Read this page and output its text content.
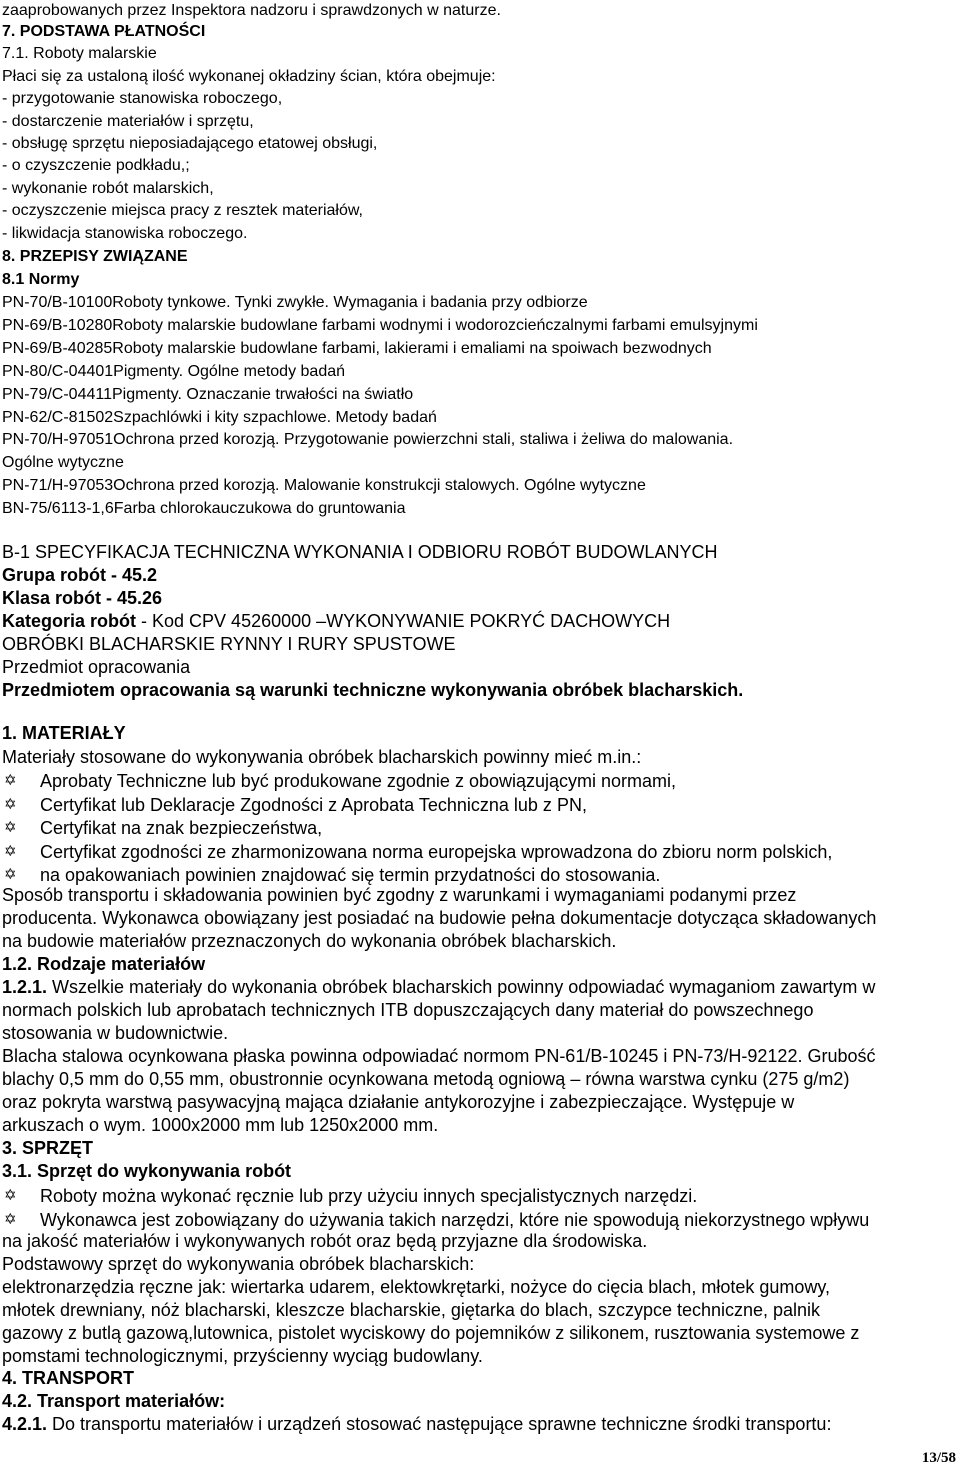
zaaprobowanych przez Inspektora nadzoru i sprawdzonych w naturze.
7. PODSTAWA PŁATNOŚCI
7.1. Roboty malarskie
Płaci się za ustaloną ilość wykonanej okładziny ścian, która obejmuje:
- przygotowanie stanowiska roboczego,
- dostarczenie materiałów i sprzętu,
- obsługę sprzętu nieposiadającego etatowej obsługi,
- o czyszczenie podkładu,;
- wykonanie robót malarskich,
- oczyszczenie miejsca pracy z resztek materiałów,
- likwidacja stanowiska roboczego.
8. PRZEPISY ZWIĄZANE
8.1 Normy
PN-70/B-10100Roboty tynkowe. Tynki zwykłe. Wymagania i badania przy odbiorze
PN-69/B-10280Roboty malarskie budowlane farbami wodnymi i wodorozcieńczalnymi farbami emulsyjnymi
PN-69/B-40285Roboty malarskie budowlane farbami, lakierami i emaliami na spoiwach bezwodnych
PN-80/C-04401Pigmenty. Ogólne metody badań
PN-79/C-04411Pigmenty. Oznaczanie trwałości na światło
PN-62/C-81502Szpachlówki i kity szpachlowe. Metody badań
PN-70/H-97051Ochrona przed korozją. Przygotowanie powierzchni stali, staliwa i żeliwa do malowania.
Ogólne wytyczne
PN-71/H-97053Ochrona przed korozją. Malowanie konstrukcji stalowych. Ogólne wytyczne
BN-75/6113-1,6Farba chlorokauczukowa do gruntowania
B-1 SPECYFIKACJA TECHNICZNA WYKONANIA I ODBIORU ROBÓT BUDOWLANYCH
Grupa robót - 45.2
Klasa robót - 45.26
Kategoria robót - Kod CPV 45260000 –WYKONYWANIE POKRYĆ DACHOWYCH
OBRÓBKI BLACHARSKIE RYNNY I RURY SPUSTOWE
Przedmiot opracowania
Przedmiotem opracowania są warunki techniczne wykonywania obróbek blacharskich.
1. MATERIAŁY
Materiały stosowane do wykonywania obróbek blacharskich powinny mieć m.in.:
✡ Aprobaty Techniczne lub być produkowane zgodnie z obowiązującymi normami,
✡ Certyfikat lub Deklaracje Zgodności z Aprobata Techniczna lub z PN,
✡ Certyfikat na znak bezpieczeństwa,
✡ Certyfikat zgodności ze zharmonizowana norma europejska wprowadzona do zbioru norm polskich,
✡ na opakowaniach powinien znajdować się termin przydatności do stosowania.
Sposób transportu i składowania powinien być zgodny z warunkami i wymaganiami podanymi przez
producenta. Wykonawca obowiązany jest posiadać na budowie pełna dokumentacje dotycząca składowanych
na budowie materiałów przeznaczonych do wykonania obróbek blacharskich.
1.2. Rodzaje materiałów
1.2.1. Wszelkie materiały do wykonania obróbek blacharskich powinny odpowiadać wymaganiom zawartym w
normach polskich lub aprobatach technicznych ITB dopuszczających dany materiał do powszechnego
stosowania w budownictwie.
Blacha stalowa ocynkowana płaska powinna odpowiadać normom PN-61/B-10245 i PN-73/H-92122. Grubość
blachy 0,5 mm do 0,55 mm, obustronnie ocynkowana metodą ogniową – równa warstwa cynku (275 g/m2)
oraz pokryta warstwą pasywacyjną mająca działanie antykorozyjne i zabezpieczające. Występuje w
arkuszach o wym. 1000x2000 mm lub 1250x2000 mm.
3. SPRZĘT
3.1. Sprzęt do wykonywania robót
✡ Roboty można wykonać ręcznie lub przy użyciu innych specjalistycznych narzędzi.
✡ Wykonawca jest zobowiązany do używania takich narzędzi, które nie spowodują niekorzystnego wpływu
na jakość materiałów i wykonywanych robót oraz będą przyjazne dla środowiska.
Podstawowy sprzęt do wykonywania obróbek blacharskich:
elektronarzędzia ręczne jak: wiertarka udarem, elektowkrętarki, nożyce do cięcia blach, młotek gumowy,
młotek drewniany, nóż blacharski, kleszcze blacharskie, giętarka do blach, szczypce techniczne, palnik
gazowy z butlą gazową,lutownica, pistolet wyciskowy do pojemników z silikonem, rusztowania systemowe z
pomstami technologicznymi, przyścienny wyciąg budowlany.
4. TRANSPORT
4.2. Transport materiałów:
4.2.1. Do transportu materiałów i urządzeń stosować następujące sprawne techniczne środki transportu:
13/58
